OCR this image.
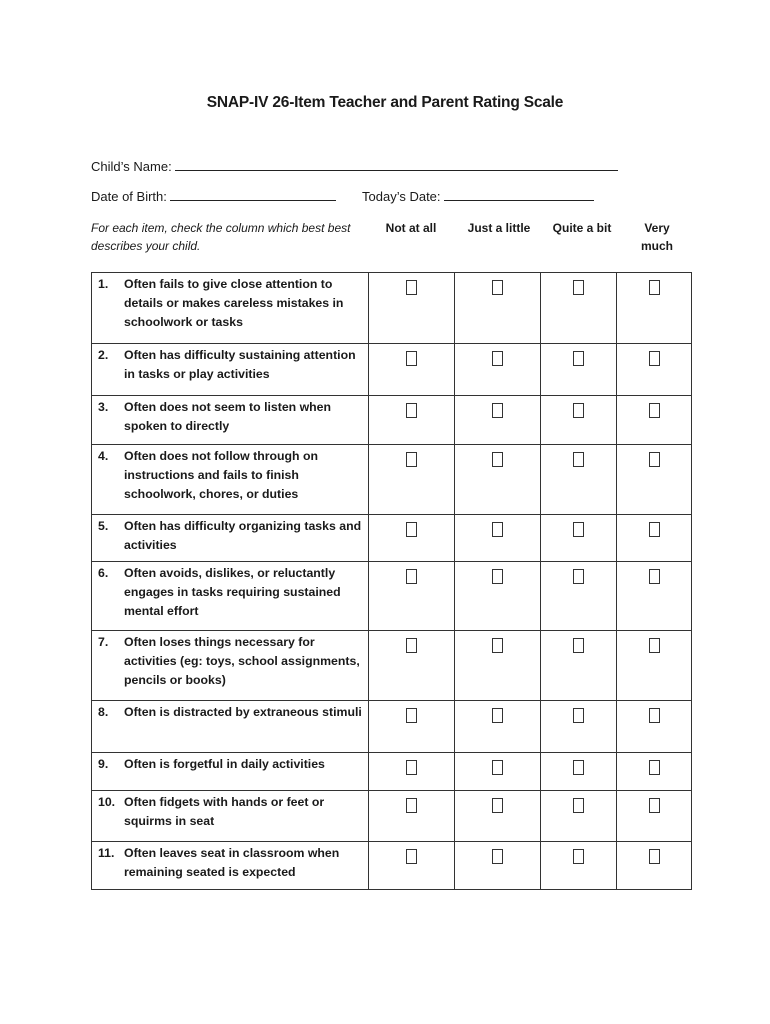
SNAP-IV 26-Item Teacher and Parent Rating Scale
Child’s Name:
Date of Birth:	Today’s Date:
For each item, check the column which best best describes your child.
Not at all	Just a little	Quite a bit	Very much
1. Often fails to give close attention to details or makes careless mistakes in schoolwork or tasks				

2. Often has difficulty sustaining attention in tasks or play activities				

3. Often does not seem to listen when spoken to directly				

4. Often does not follow through on instructions and fails to finish schoolwork, chores, or duties				

5. Often has difficulty organizing tasks and activities				

6. Often avoids, dislikes, or reluctantly engages in tasks requiring sustained mental effort				

7. Often loses things necessary for activities (eg: toys, school assignments, pencils or books)				

8. Often is distracted by extraneous stimuli				

9. Often is forgetful in daily activities				

10. Often fidgets with hands or feet or squirms in seat				

11. Often leaves seat in classroom when remaining seated is expected				
